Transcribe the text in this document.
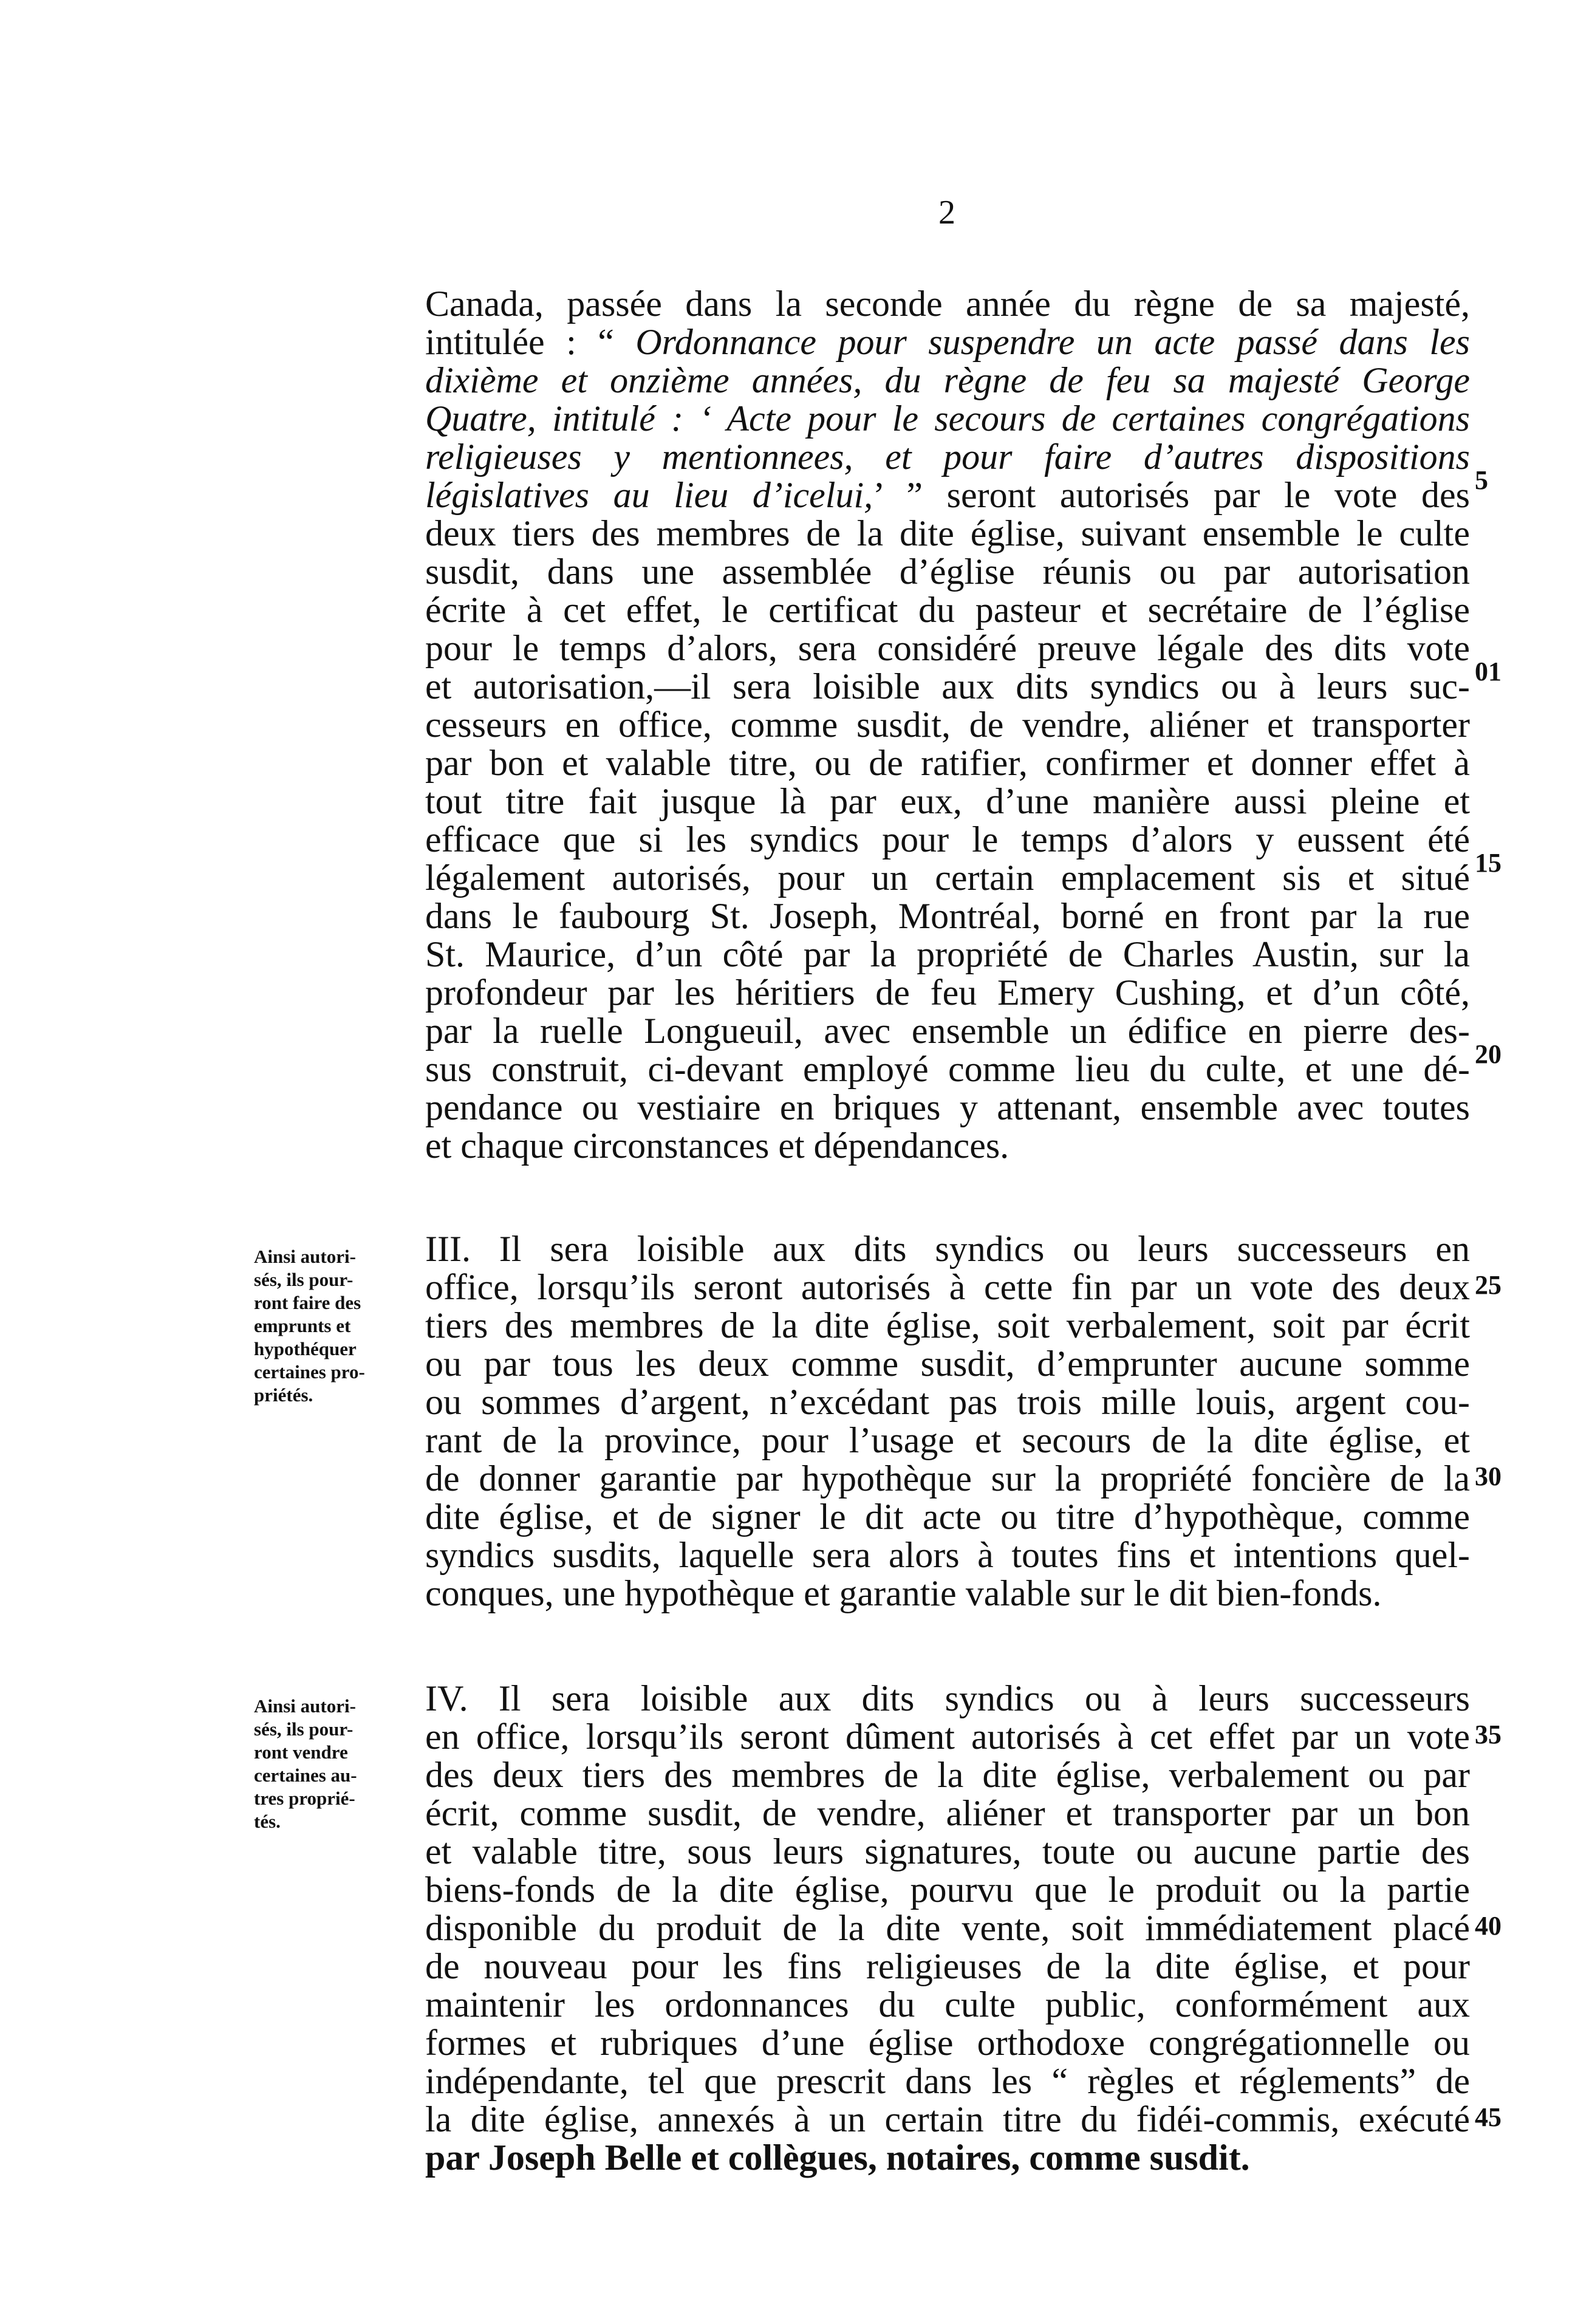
2
Canada, passée dans la seconde année du règne de sa majesté,
intitulée : “ Ordonnance pour suspendre un acte passé dans les
dixième et onzième années, du règne de feu sa majesté George
Quatre, intitulé : ‘ Acte pour le secours de certaines congrégations
religieuses y mentionnees, et pour faire d’autres dispositions
législatives au lieu d’icelui,’ ” seront autorisés par le vote des
deux tiers des membres de la dite église, suivant ensemble le culte
susdit, dans une assemblée d’église réunis ou par autorisation
écrite à cet effet, le certificat du pasteur et secrétaire de l’église
pour le temps d’alors, sera considéré preuve légale des dits vote
et autorisation,—il sera loisible aux dits syndics ou à leurs suc-
cesseurs en office, comme susdit, de vendre, aliéner et transporter
par bon et valable titre, ou de ratifier, confirmer et donner effet à
tout titre fait jusque là par eux, d’une manière aussi pleine et
efficace que si les syndics pour le temps d’alors y eussent été
légalement autorisés, pour un certain emplacement sis et situé
dans le faubourg St. Joseph, Montréal, borné en front par la rue
St. Maurice, d’un côté par la propriété de Charles Austin, sur la
profondeur par les héritiers de feu Emery Cushing, et d’un côté,
par la ruelle Longueuil, avec ensemble un édifice en pierre des-
sus construit, ci-devant employé comme lieu du culte, et une dé-
pendance ou vestiaire en briques y attenant, ensemble avec toutes
et chaque circonstances et dépendances.
III. Il sera loisible aux dits syndics ou leurs successeurs en
office, lorsqu’ils seront autorisés à cette fin par un vote des deux
tiers des membres de la dite église, soit verbalement, soit par écrit
ou par tous les deux comme susdit, d’emprunter aucune somme
ou sommes d’argent, n’excédant pas trois mille louis, argent cou-
rant de la province, pour l’usage et secours de la dite église, et
de donner garantie par hypothèque sur la propriété foncière de la
dite église, et de signer le dit acte ou titre d’hypothèque, comme
syndics susdits, laquelle sera alors à toutes fins et intentions quel-
conques, une hypothèque et garantie valable sur le dit bien-fonds.
IV. Il sera loisible aux dits syndics ou à leurs successeurs
en office, lorsqu’ils seront dûment autorisés à cet effet par un vote
des deux tiers des membres de la dite église, verbalement ou par
écrit, comme susdit, de vendre, aliéner et transporter par un bon
et valable titre, sous leurs signatures, toute ou aucune partie des
biens-fonds de la dite église, pourvu que le produit ou la partie
disponible du produit de la dite vente, soit immédiatement placé
de nouveau pour les fins religieuses de la dite église, et pour
maintenir les ordonnances du culte public, conformément aux
formes et rubriques d’une église orthodoxe congrégationnelle ou
indépendante, tel que prescrit dans les “ règles et réglements” de
la dite église, annexés à un certain titre du fidéi-commis, exécuté
par Joseph Belle et collègues, notaires, comme susdit.
5
01
15
20
25
30
35
40
45
Ainsi autori-
sés, ils pour-
ront faire des
emprunts et
hypothéquer
certaines pro-
priétés.
Ainsi autori-
sés, ils pour-
ront vendre
certaines au-
tres proprié-
tés.
